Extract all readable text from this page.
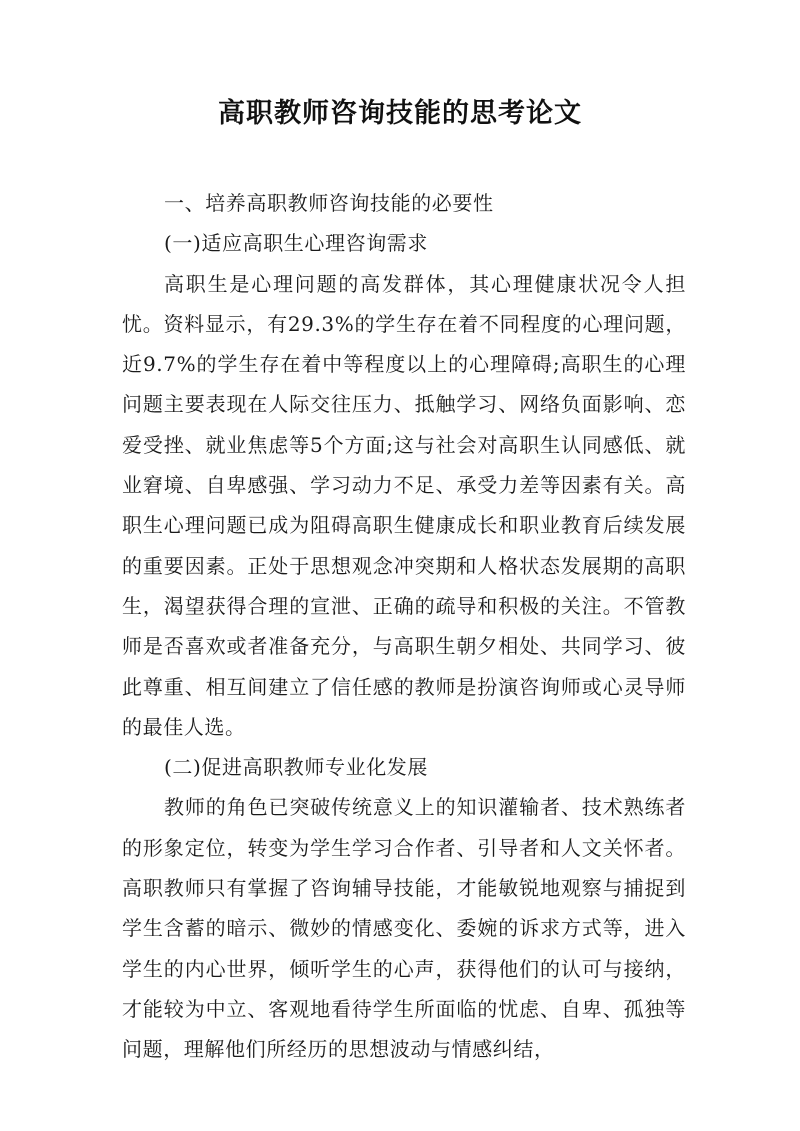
高职教师咨询技能的思考论文

一、培养高职教师咨询技能的必要性

(一)适应高职生心理咨询需求

高职生是心理问题的高发群体，其心理健康状况令人担忧。资料显示，有29.3%的学生存在着不同程度的心理问题，近9.7%的学生存在着中等程度以上的心理障碍;高职生的心理问题主要表现在人际交往压力、抵触学习、网络负面影响、恋爱受挫、就业焦虑等5个方面;这与社会对高职生认同感低、就业窘境、自卑感强、学习动力不足、承受力差等因素有关。高职生心理问题已成为阻碍高职生健康成长和职业教育后续发展的重要因素。正处于思想观念冲突期和人格状态发展期的高职生，渴望获得合理的宣泄、正确的疏导和积极的关注。不管教师是否喜欢或者准备充分，与高职生朝夕相处、共同学习、彼此尊重、相互间建立了信任感的教师是扮演咨询师或心灵导师的最佳人选。

(二)促进高职教师专业化发展

教师的角色已突破传统意义上的知识灌输者、技术熟练者的形象定位，转变为学生学习合作者、引导者和人文关怀者。高职教师只有掌握了咨询辅导技能，才能敏锐地观察与捕捉到学生含蓄的暗示、微妙的情感变化、委婉的诉求方式等，进入学生的内心世界，倾听学生的心声，获得他们的认可与接纳，才能较为中立、客观地看待学生所面临的忧虑、自卑、孤独等问题，理解他们所经历的思想波动与情感纠结，
